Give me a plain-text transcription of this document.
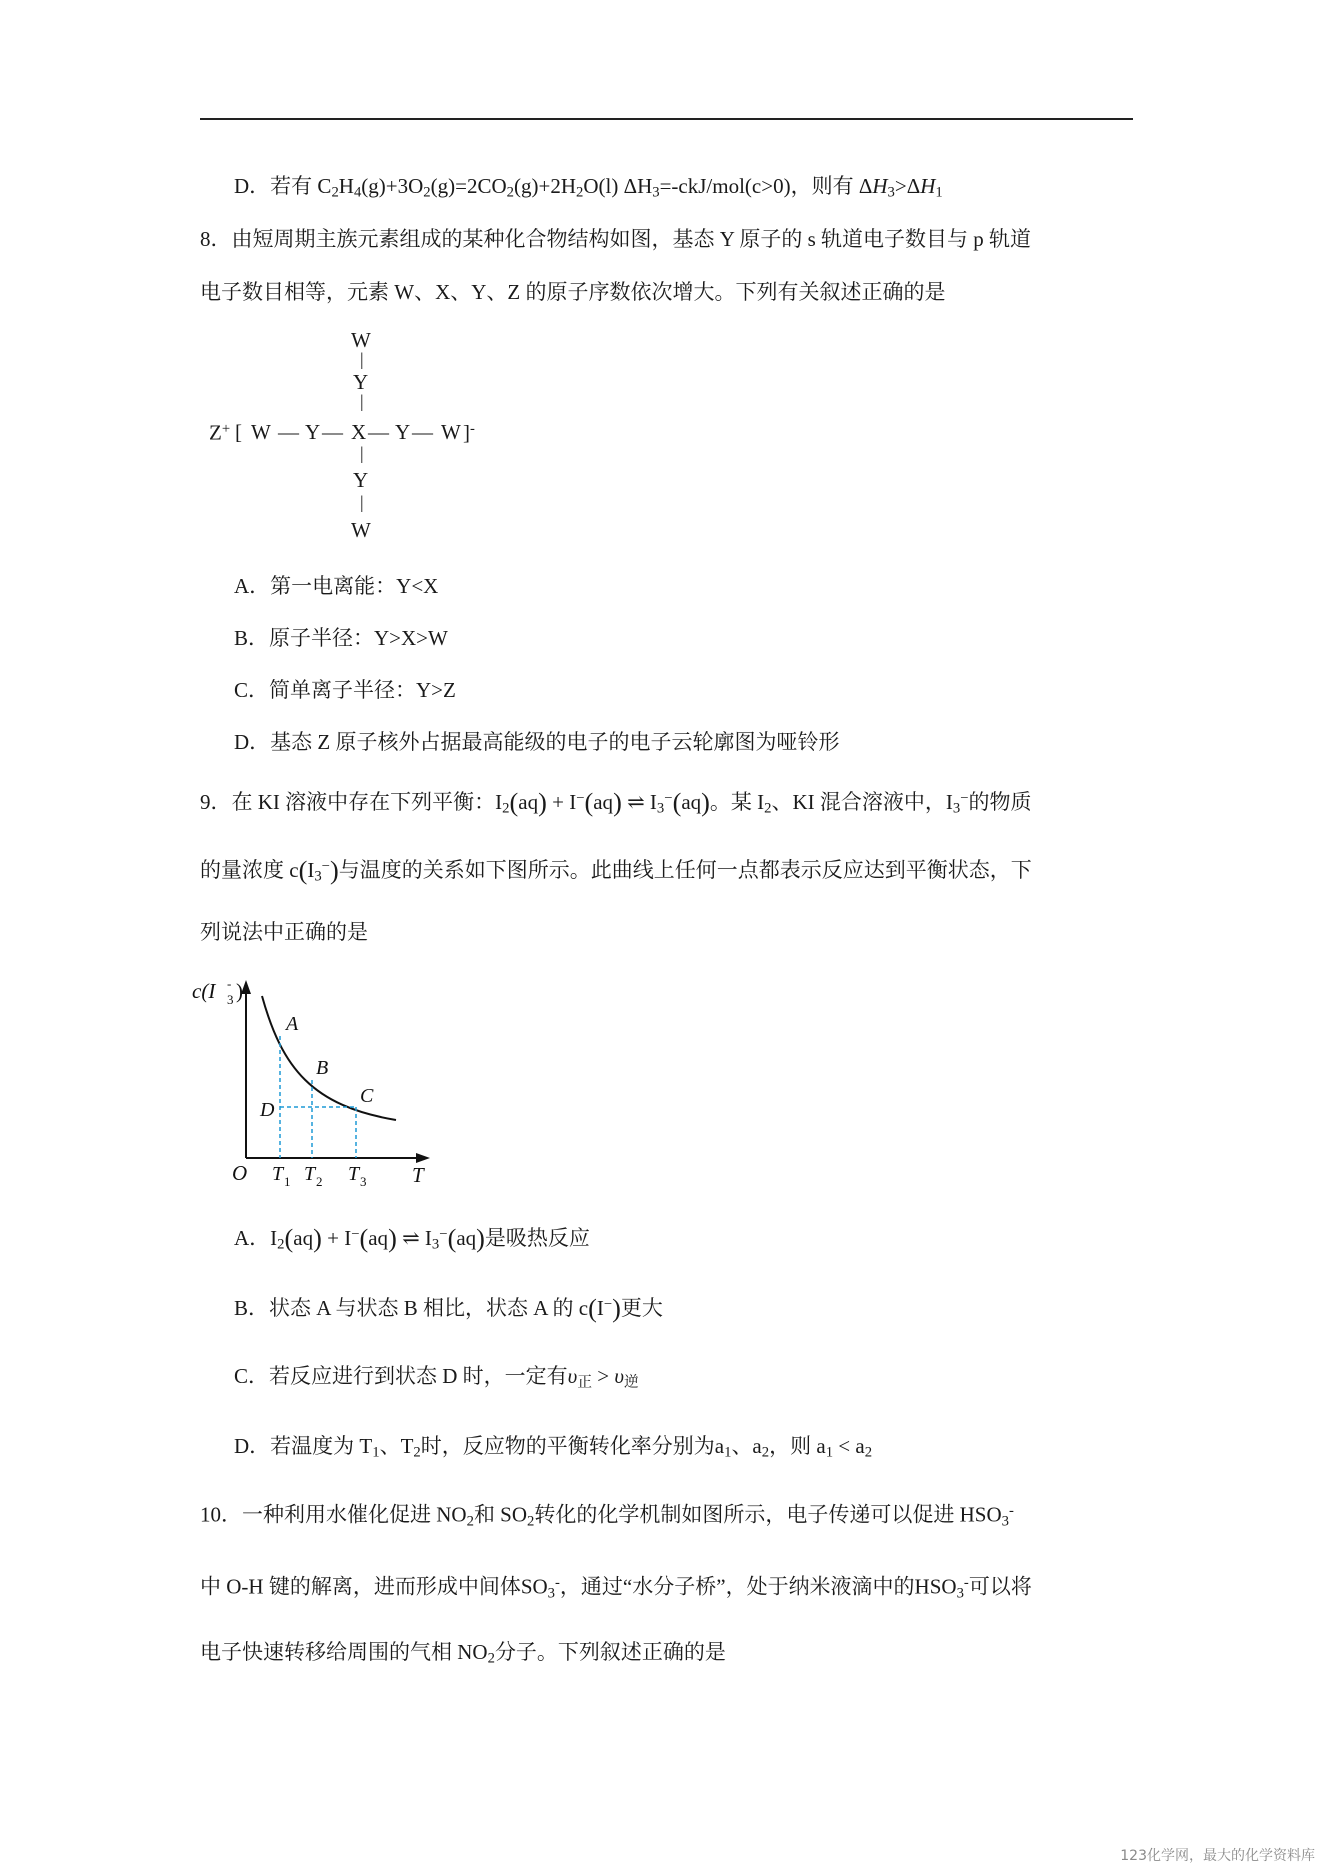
D．若有 $C_2H_4(g)+3O_2(g)=2CO_2(g)+2H_2O(l)$ $\Delta H_3=-ckJ/mol(c>0)$，则有 $\Delta H_3>\Delta H_1$
8．由短周期主族元素组成的某种化合物结构如图，基态 Y 原子的 s 轨道电子数目与 p 轨道
电子数目相等，元素 W、X、Y、Z 的原子序数依次增大。下列有关叙述正确的是
W
|
Y
|
Z+ [ W — Y — X — Y — W ]-
|
Y
|
W
A．第一电离能：Y<X
B．原子半径：Y>X>W
C．简单离子半径：Y>Z
D．基态 Z 原子核外占据最高能级的电子的电子云轮廓图为哑铃形
9．在 KI 溶液中存在下列平衡：$I_2(aq) + I^-(aq)$ ⇌ $I_3^-(aq)$。某 $I_2$、KI 混合溶液中，$I_3^-$的物质
的量浓度 $c(I_3^-)$与温度的关系如下图所示。此曲线上任何一点都表示反应达到平衡状态，下
列说法中正确的是
c(I 3
- )
O	T
A
B
C
D
T 1 T 2 T 3
A．$I_2(aq) + I^-(aq)$ ⇌ $I_3^-(aq)$是吸热反应
B．状态 A 与状态 B 相比，状态 A 的 c(I−)更大
C．若反应进行到状态 D 时，一定有$\upsilon_正 > \upsilon_逆$
D．若温度为 $T_1$、$T_2$时，反应物的平衡转化率分别为$a_1$、$a_2$，则 $a_1 < a_2$
10．一种利用水催化促进 $NO_2$和 $SO_2$转化的化学机制如图所示，电子传递可以促进 $HSO_3^-$
中 O-H 键的解离，进而形成中间体$SO_3^-$，通过“水分子桥”，处于纳米液滴中的$HSO_3^-$可以将
电子快速转移给周围的气相 $NO_2$分子。下列叙述正确的是
123化学网，最大的化学资料库
